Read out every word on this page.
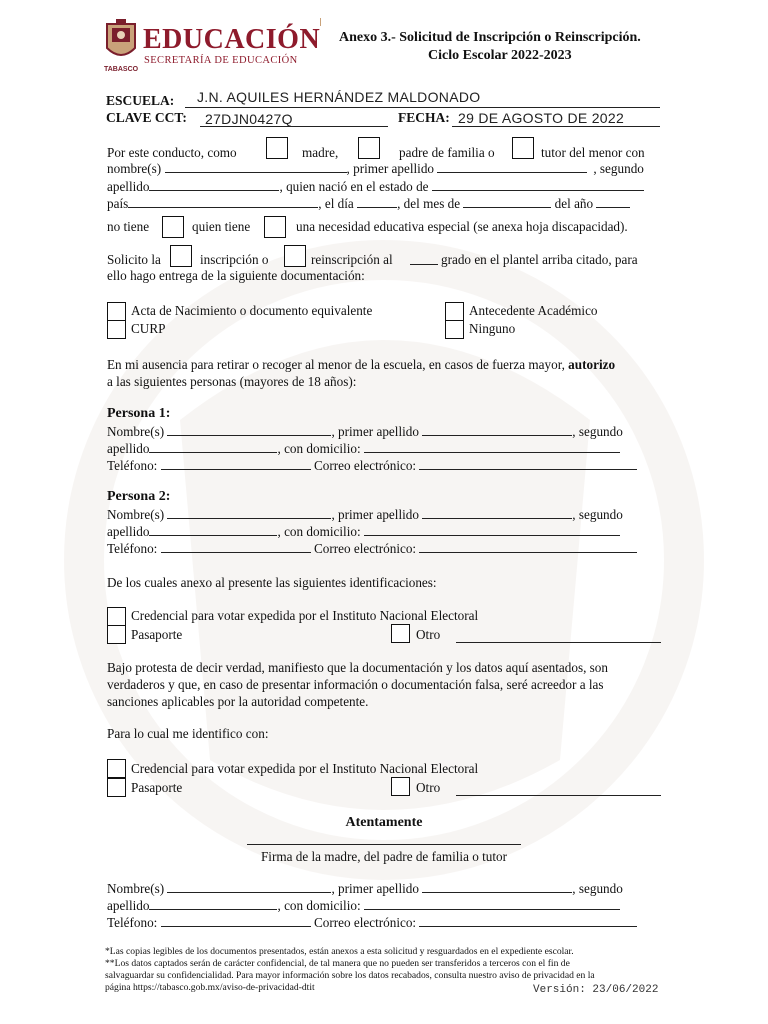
TABASCO
EDUCACIÓN
SECRETARÍA DE EDUCACIÓN
Anexo 3.- Solicitud de Inscripción o Reinscripción.
Ciclo Escolar 2022-2023
ESCUELA: J.N. AQUILES HERNÁNDEZ MALDONADO
CLAVE CCT: 27DJN0427Q	FECHA: 29 DE AGOSTO DE 2022
Por este conducto, como	madre,	padre de familia o	tutor del menor con
nombre(s)	, primer apellido	, segundo
apellido	, quien nació en el estado de
país	, el día	, del mes de	del año
no tiene	quien tiene	una necesidad educativa especial (se anexa hoja discapacidad).
Solicito la	inscripción o	reinscripción al	grado en el plantel arriba citado, para
ello hago entrega de la siguiente documentación:
Acta de Nacimiento o documento equivalente
CURP
Antecedente Académico
Ninguno
En mi ausencia para retirar o recoger al menor de la escuela, en casos de fuerza mayor, autorizo
a las siguientes personas (mayores de 18 años):
Persona 1:
Nombre(s)	, primer apellido	, segundo
apellido	, con domicilio:
Teléfono:	Correo electrónico:
Persona 2:
Nombre(s)	, primer apellido	, segundo
apellido	, con domicilio:
Teléfono:	Correo electrónico:
De los cuales anexo al presente las siguientes identificaciones:
Credencial para votar expedida por el Instituto Nacional Electoral
Pasaporte	Otro
Bajo protesta de decir verdad, manifiesto que la documentación y los datos aquí asentados, son
verdaderos y que, en caso de presentar información o documentación falsa, seré acreedor a las
sanciones aplicables por la autoridad competente.
Para lo cual me identifico con:
Credencial para votar expedida por el Instituto Nacional Electoral
Pasaporte	Otro
Atentamente
Firma de la madre, del padre de familia o tutor
Nombre(s)	, primer apellido	, segundo
apellido	, con domicilio:
Teléfono:	Correo electrónico:
*Las copias legibles de los documentos presentados, están anexos a esta solicitud y resguardados en el expediente escolar.
**Los datos captados serán de carácter confidencial, de tal manera que no pueden ser transferidos a terceros con el fin de
salvaguardar su confidencialidad. Para mayor información sobre los datos recabados, consulta nuestro aviso de privacidad en la
página https://tabasco.gob.mx/aviso-de-privacidad-dtit	Versión: 23/06/2022
